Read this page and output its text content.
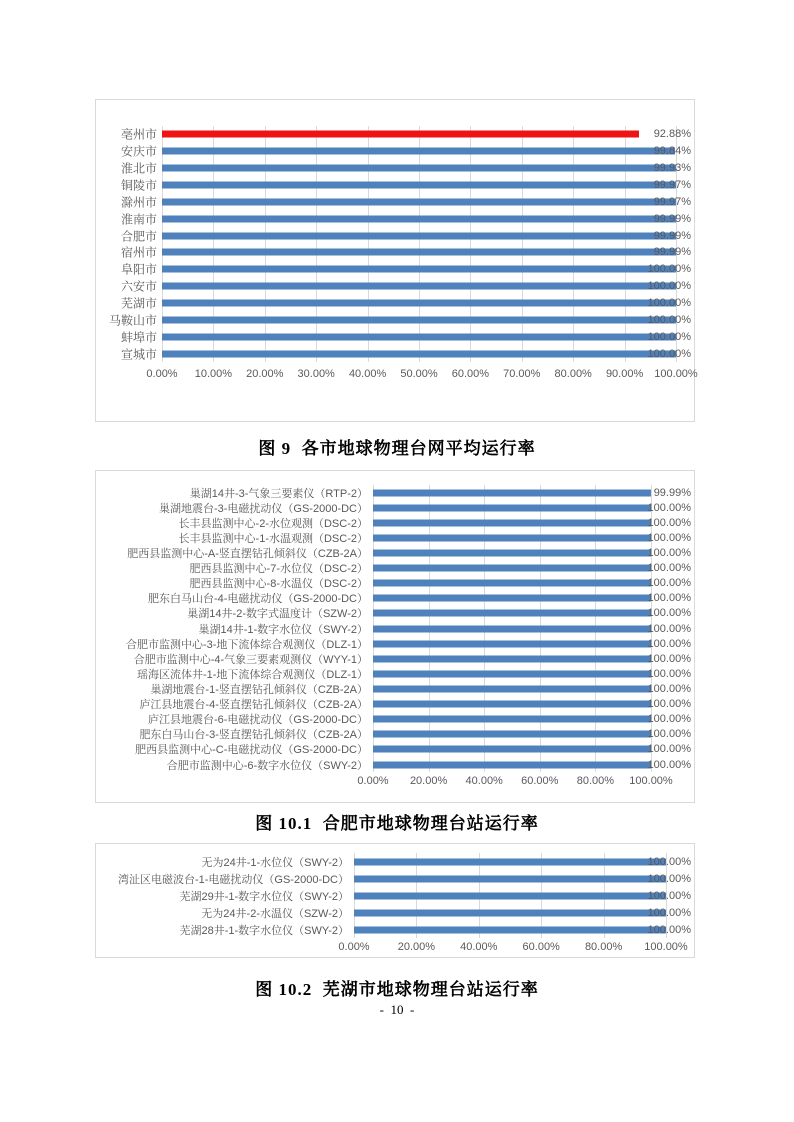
亳州市	92.88%
安庆市	99.84%
淮北市	99.93%
铜陵市	99.97%
滁州市	99.97%
淮南市	99.99%
合肥市	99.99%
宿州市	99.99%
阜阳市	100.00%
六安市	100.00%
芜湖市	100.00%
马鞍山市	100.00%
蚌埠市	100.00%
宣城市	100.00%
0.00% 10.00% 20.00% 30.00% 40.00% 50.00% 60.00% 70.00% 80.00% 90.00% 100.00%
图 9  各市地球物理台网平均运行率
巢湖14井-3-气象三要素仪（RTP-2）	99.99%
巢湖地震台-3-电磁扰动仪（GS-2000-DC）	100.00%
长丰县监测中心-2-水位观测（DSC-2）	100.00%
长丰县监测中心-1-水温观测（DSC-2）	100.00%
肥西县监测中心-A-竖直摆钻孔倾斜仪（CZB-2A）	100.00%
肥西县监测中心-7-水位仪（DSC-2）	100.00%
肥西县监测中心-8-水温仪（DSC-2）	100.00%
肥东白马山台-4-电磁扰动仪（GS-2000-DC）	100.00%
巢湖14井-2-数字式温度计（SZW-2）	100.00%
巢湖14井-1-数字水位仪（SWY-2）	100.00%
合肥市监测中心-3-地下流体综合观测仪（DLZ-1）	100.00%
合肥市监测中心-4-气象三要素观测仪（WYY-1）	100.00%
瑶海区流体井-1-地下流体综合观测仪（DLZ-1）	100.00%
巢湖地震台-1-竖直摆钻孔倾斜仪（CZB-2A）	100.00%
庐江县地震台-4-竖直摆钻孔倾斜仪（CZB-2A）	100.00%
庐江县地震台-6-电磁扰动仪（GS-2000-DC）	100.00%
肥东白马山台-3-竖直摆钻孔倾斜仪（CZB-2A）	100.00%
肥西县监测中心-C-电磁扰动仪（GS-2000-DC）	100.00%
合肥市监测中心-6-数字水位仪（SWY-2）	100.00%
0.00% 20.00% 40.00% 60.00% 80.00% 100.00%
图 10.1  合肥市地球物理台站运行率
无为24井-1-水位仪（SWY-2）	100.00%
湾沚区电磁波台-1-电磁扰动仪（GS-2000-DC）	100.00%
芜湖29井-1-数字水位仪（SWY-2）	100.00%
无为24井-2-水温仪（SZW-2）	100.00%
芜湖28井-1-数字水位仪（SWY-2）	100.00%
0.00%	20.00% 40.00% 60.00% 80.00% 100.00%
图 10.2  芜湖市地球物理台站运行率
-  10  -
